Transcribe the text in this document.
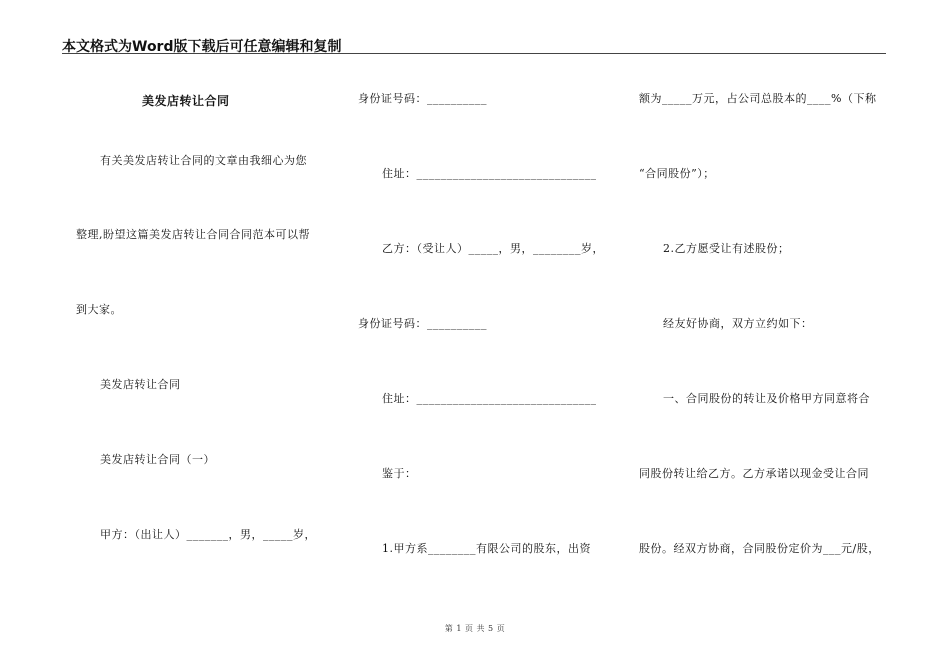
本文格式为Word版下载后可任意编辑和复制
美发店转让合同
有关美发店转让合同的文章由我细心为您
整理,盼望这篇美发店转让合同合同范本可以帮
到大家。
美发店转让合同
美发店转让合同（一）
甲方：（出让人）_______，男，_____岁，
身份证号码：__________
住址：______________________________
乙方：（受让人）_____，男，________岁，
身份证号码：__________
住址：______________________________
鉴于：
1.甲方系________有限公司的股东，出资
额为_____万元，占公司总股本的____%（下称
“合同股份”）；
2.乙方愿受让有述股份；
经友好协商，双方立约如下：
一、合同股份的转让及价格甲方同意将合
同股份转让给乙方。乙方承诺以现金受让合同
股份。经双方协商，合同股份定价为___元/股，
第 1 页 共 5 页
